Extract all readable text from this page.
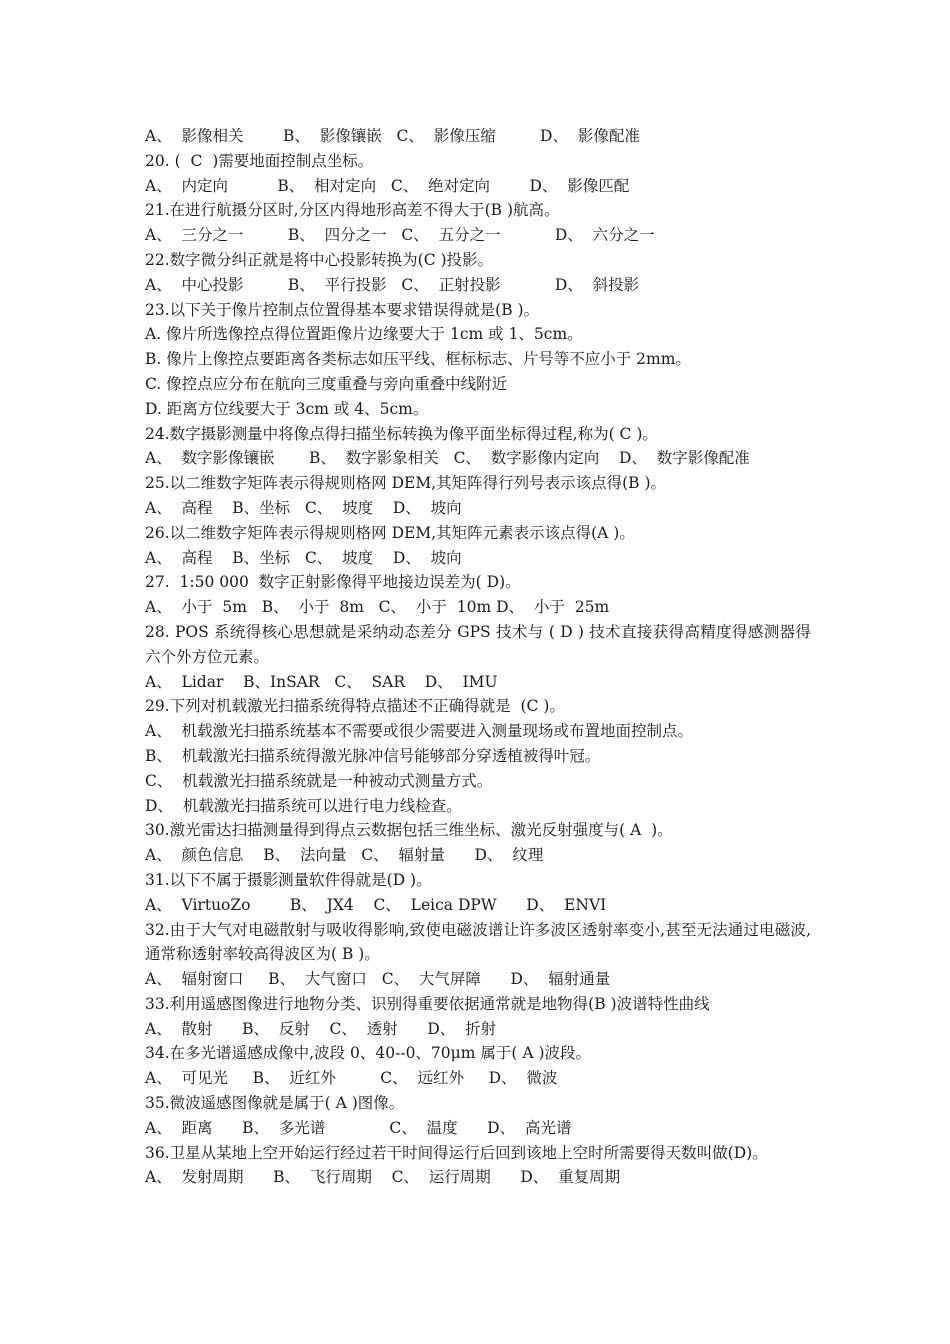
A、  影像相关        B、  影像镶嵌   C、  影像压缩         D、  影像配准
20. (  C  )需要地面控制点坐标。
A、  内定向          B、  相对定向   C、  绝对定向        D、  影像匹配
21.在进行航摄分区时,分区内得地形高差不得大于(B )航高。
A、  三分之一         B、  四分之一   C、  五分之一           D、  六分之一
22.数字微分纠正就是将中心投影转换为(C )投影。
A、  中心投影         B、  平行投影   C、  正射投影           D、  斜投影
23.以下关于像片控制点位置得基本要求错误得就是(B )。
A. 像片所选像控点得位置距像片边缘要大于 1cm 或 1、5cm。
B. 像片上像控点要距离各类标志如压平线、框标标志、片号等不应小于 2mm。
C. 像控点应分布在航向三度重叠与旁向重叠中线附近
D. 距离方位线要大于 3cm 或 4、5cm。
24.数字摄影测量中将像点得扫描坐标转换为像平面坐标得过程,称为( C )。
A、  数字影像镶嵌       B、  数字影象相关   C、  数字影像内定向    D、  数字影像配准
25.以二维数字矩阵表示得规则格网 DEM,其矩阵得行列号表示该点得(B )。
A、  高程    B、坐标   C、  坡度    D、  坡向
26.以二维数字矩阵表示得规则格网 DEM,其矩阵元素表示该点得(A )。
A、  高程    B、坐标   C、  坡度    D、  坡向
27.  1:50 000  数字正射影像得平地接边误差为( D)。
A、  小于  5m   B、  小于  8m   C、  小于  10m D、  小于  25m
28. POS 系统得核心思想就是采纳动态差分 GPS 技术与 ( D ) 技术直接获得高精度得感测器得六个外方位元素。
A、  Lidar    B、InSAR   C、  SAR    D、  IMU
29.下列对机载激光扫描系统得特点描述不正确得就是  (C )。
A、  机载激光扫描系统基本不需要或很少需要进入测量现场或布置地面控制点。
B、  机载激光扫描系统得激光脉冲信号能够部分穿透植被得叶冠。
C、  机载激光扫描系统就是一种被动式测量方式。
D、  机载激光扫描系统可以进行电力线检查。
30.激光雷达扫描测量得到得点云数据包括三维坐标、激光反射强度与( A  )。
A、  颜色信息    B、  法向量   C、  辐射量      D、  纹理
31.以下不属于摄影测量软件得就是(D )。
A、  VirtuoZo        B、  JX4    C、  Leica DPW      D、  ENVI
32.由于大气对电磁散射与吸收得影响,致使电磁波谱让许多波区透射率变小,甚至无法通过电磁波,通常称透射率较高得波区为( B )。
A、  辐射窗口     B、  大气窗口   C、  大气屏障      D、  辐射通量
33.利用遥感图像进行地物分类、识别得重要依据通常就是地物得(B )波谱特性曲线
A、  散射      B、  反射    C、  透射      D、  折射
34.在多光谱遥感成像中,波段 0、40--0、70μm 属于( A )波段。
A、  可见光     B、  近红外         C、  远红外     D、  微波
35.微波遥感图像就是属于( A )图像。
A、  距离      B、  多光谱             C、  温度      D、  高光谱
36.卫星从某地上空开始运行经过若干时间得运行后回到该地上空时所需要得天数叫做(D)。
A、  发射周期      B、  飞行周期    C、  运行周期      D、  重复周期
